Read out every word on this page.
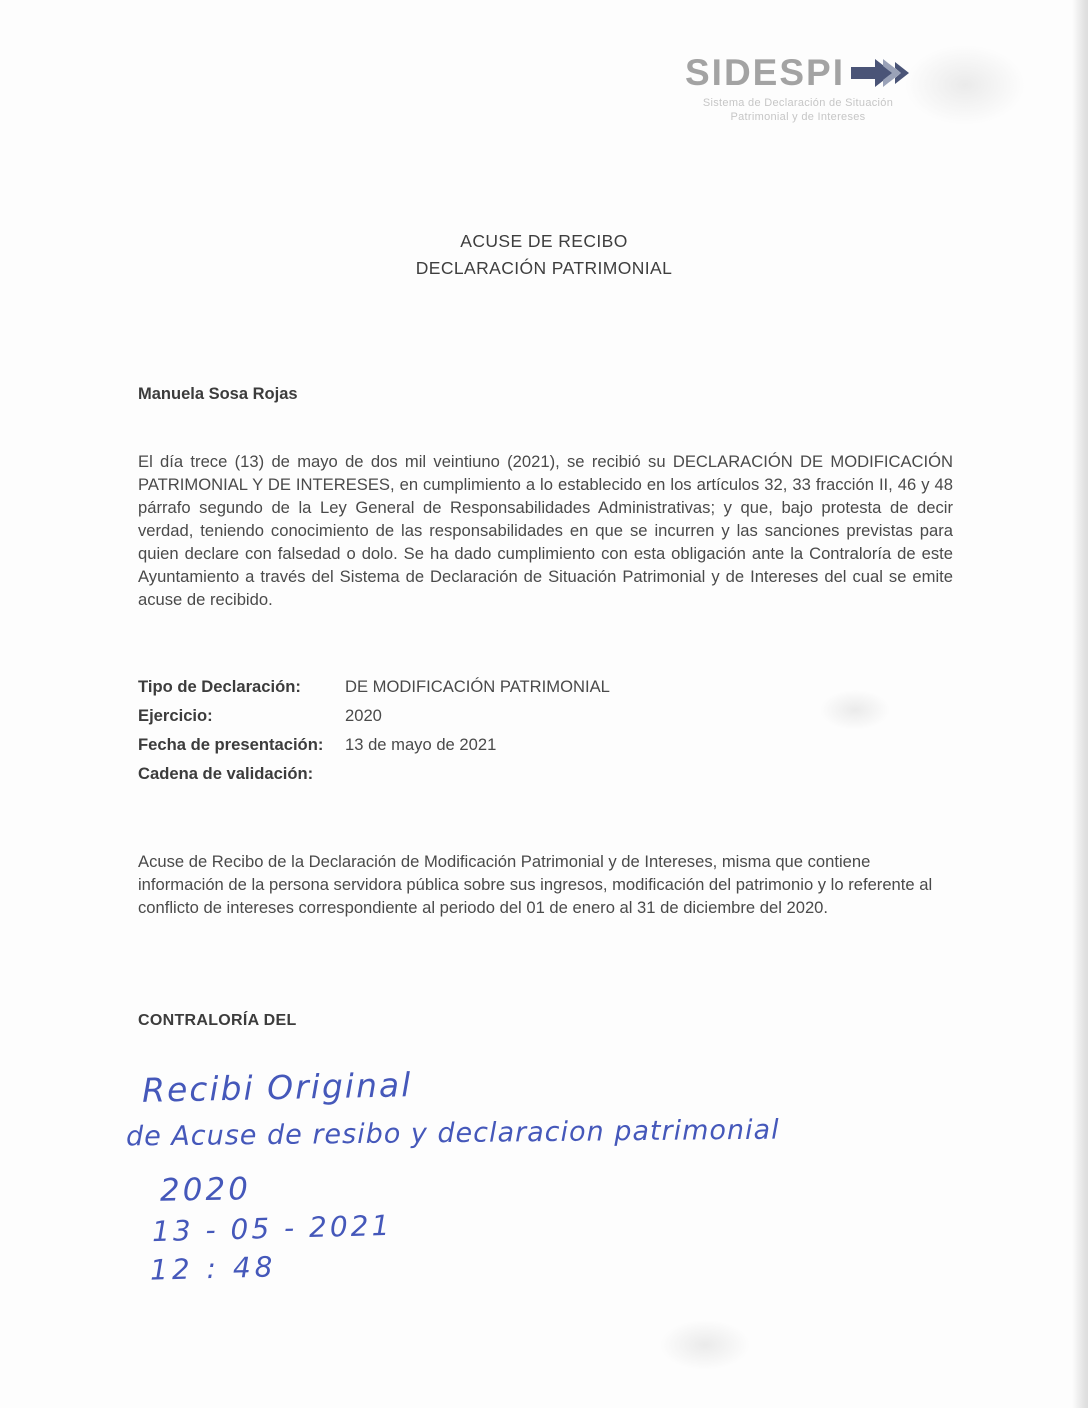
SIDESPI
Sistema de Declaración de Situación
Patrimonial y de Intereses
ACUSE DE RECIBO
DECLARACIÓN PATRIMONIAL
Manuela Sosa Rojas
El día trece (13) de mayo de dos mil veintiuno (2021), se recibió su DECLARACIÓN DE MODIFICACIÓN PATRIMONIAL Y DE INTERESES, en cumplimiento a lo establecido en los artículos 32, 33 fracción II, 46 y 48 párrafo segundo de la Ley General de Responsabilidades Administrativas; y que, bajo protesta de decir verdad, teniendo conocimiento de las responsabilidades en que se incurren y las sanciones previstas para quien declare con falsedad o dolo. Se ha dado cumplimiento con esta obligación ante la Contraloría de este Ayuntamiento a través del Sistema de Declaración de Situación Patrimonial y de Intereses del cual se emite acuse de recibido.
Tipo de Declaración:	DE MODIFICACIÓN PATRIMONIAL
Ejercicio:	2020
Fecha de presentación:	13 de mayo de 2021
Cadena de validación:
Acuse de Recibo de la Declaración de Modificación Patrimonial y de Intereses, misma que contiene información de la persona servidora pública sobre sus ingresos, modificación del patrimonio y lo referente al conflicto de intereses correspondiente al periodo del 01 de enero al 31 de diciembre del 2020.
CONTRALORÍA DEL
Recibi Original
de Acuse de resibo y declaracion patrimonial
2020
13 - 05 - 2021
12 : 48
